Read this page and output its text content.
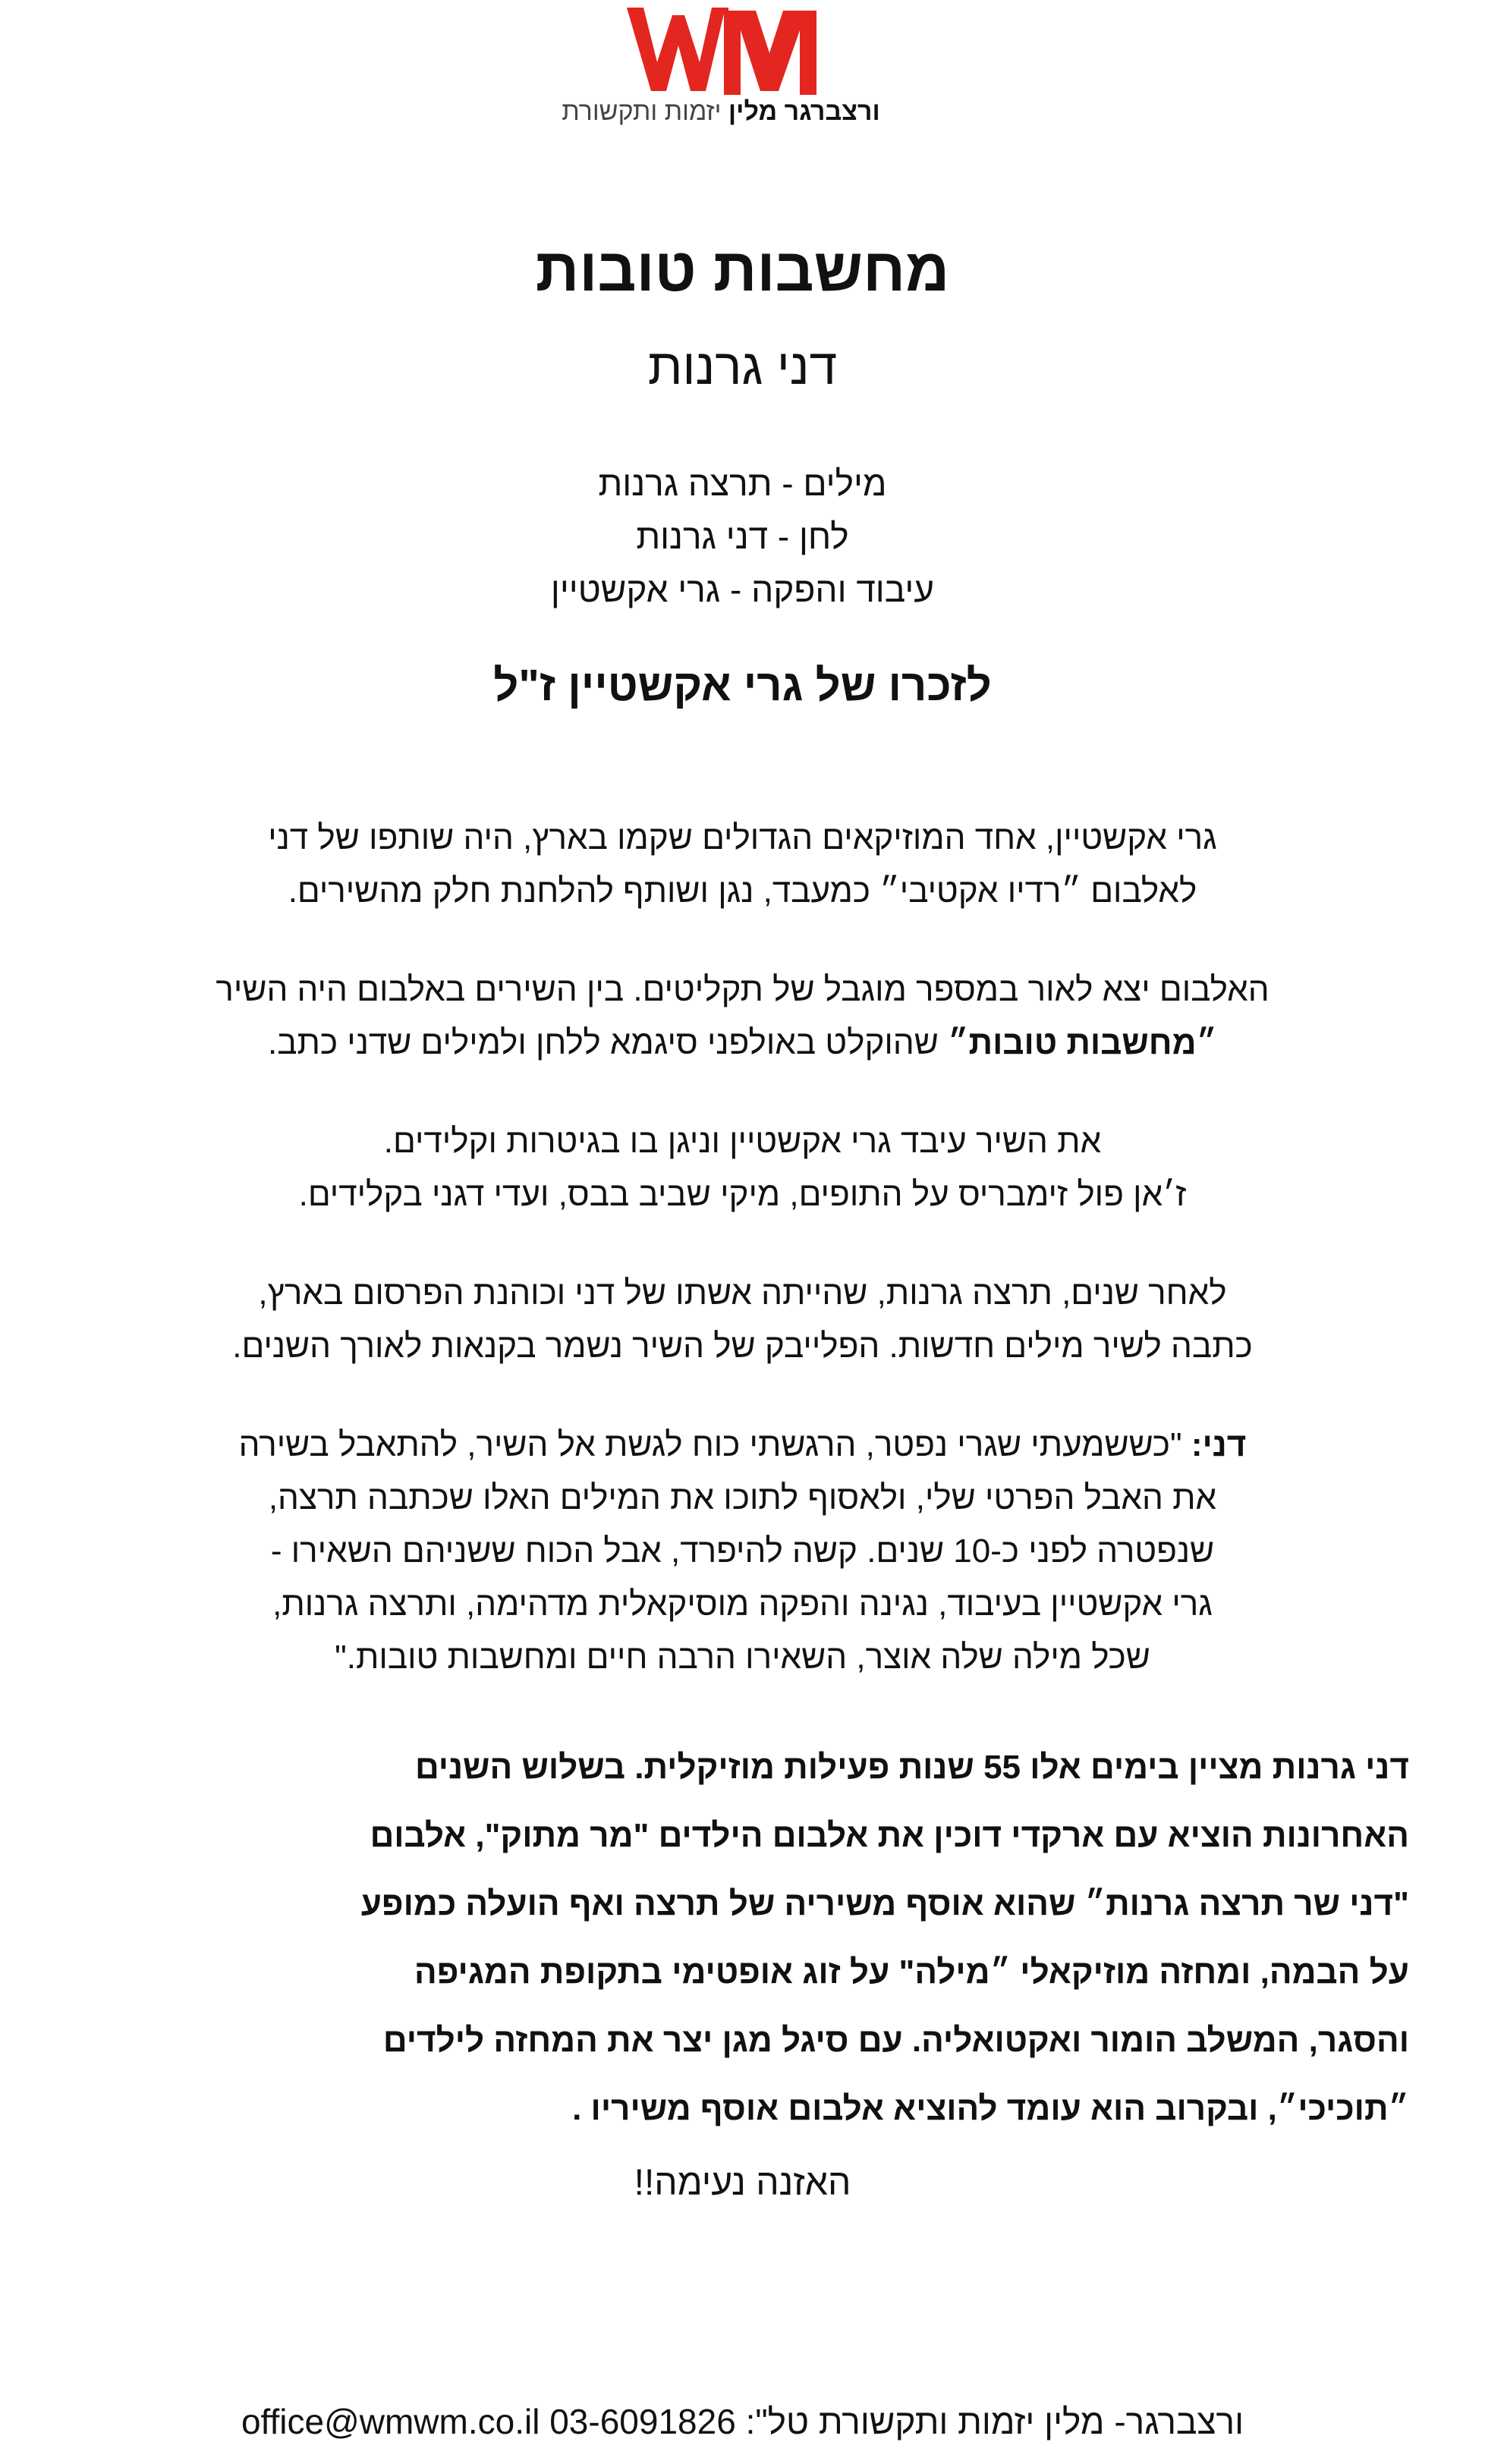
ורצברגר מלין יזמות ותקשורת
מחשבות טובות
דני גרנות
מילים - תרצה גרנות
לחן - דני גרנות
עיבוד והפקה - גרי אקשטיין
לזכרו של גרי אקשטיין ז"ל
גרי אקשטיין, אחד המוזיקאים הגדולים שקמו בארץ, היה שותפו של דני
לאלבום ״רדיו אקטיבי״ כמעבד, נגן ושותף להלחנת חלק מהשירים.
האלבום יצא לאור במספר מוגבל של תקליטים. בין השירים באלבום היה השיר
״מחשבות טובות״ שהוקלט באולפני סיגמא ללחן ולמילים שדני כתב.
את השיר עיבד גרי אקשטיין וניגן בו בגיטרות וקלידים.
ז׳אן פול זימבריס על התופים, מיקי שביב בבס, ועדי דגני בקלידים.
לאחר שנים, תרצה גרנות, שהייתה אשתו של דני וכוהנת הפרסום בארץ,
כתבה לשיר מילים חדשות. הפלייבק של השיר נשמר בקנאות לאורך השנים.
דני: "כששמעתי שגרי נפטר, הרגשתי כוח לגשת אל השיר, להתאבל בשירה
את האבל הפרטי שלי, ולאסוף לתוכו את המילים האלו שכתבה תרצה,
שנפטרה לפני כ-10 שנים. קשה להיפרד, אבל הכוח ששניהם השאירו -
גרי אקשטיין בעיבוד, נגינה והפקה מוסיקאלית מדהימה, ותרצה גרנות,
שכל מילה שלה אוצר, השאירו הרבה חיים ומחשבות טובות."
דני גרנות מציין בימים אלו 55 שנות פעילות מוזיקלית. בשלוש השנים
האחרונות הוציא עם ארקדי דוכין את אלבום הילדים "מר מתוק", אלבום
"דני שר תרצה גרנות״ שהוא אוסף משיריה של תרצה ואף הועלה כמופע
על הבמה, ומחזה מוזיקאלי ״מילה" על זוג אופטימי בתקופת המגיפה
והסגר, המשלב הומור ואקטואליה. עם סיגל מגן יצר את המחזה לילדים
״תוכיכי״, ובקרוב הוא עומד להוציא אלבום אוסף משיריו .
האזנה נעימה!!
ורצברגר- מלין יזמות ותקשורת טל": 03-6091826 office@wmwm.co.il
